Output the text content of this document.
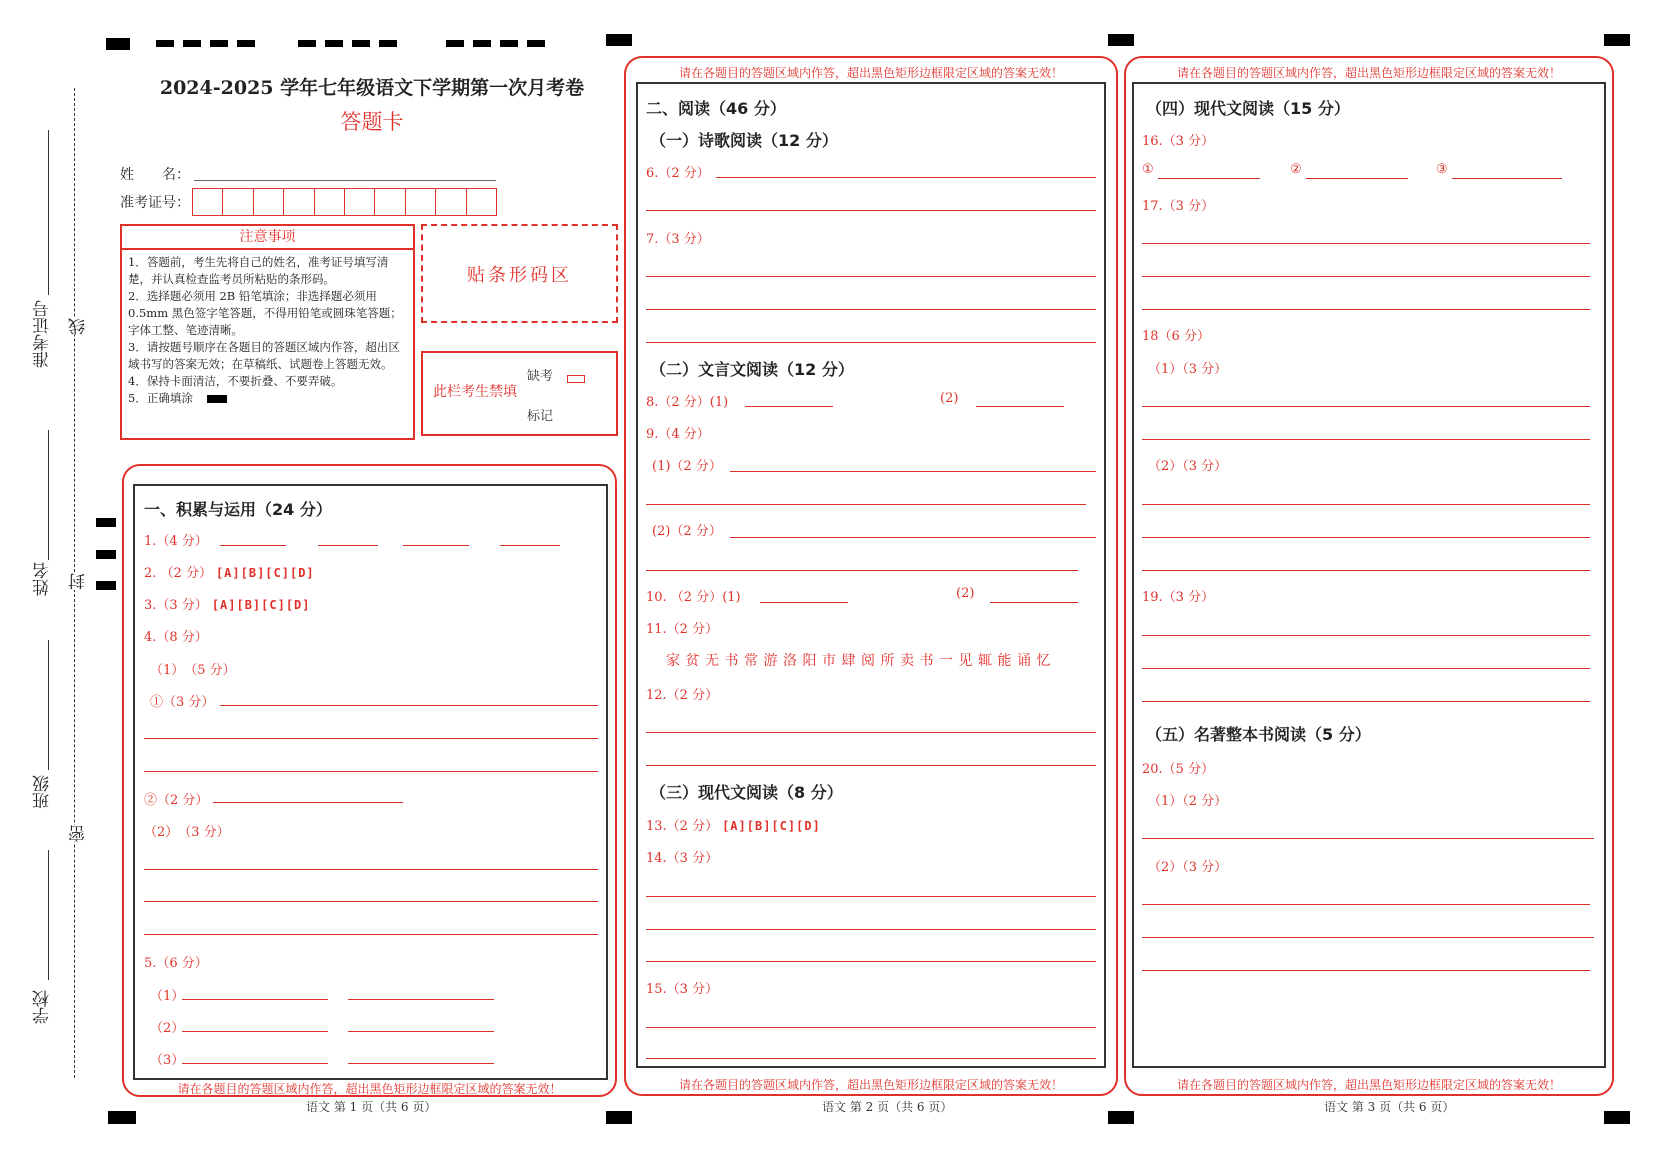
准考证号
姓名
班级
学校
线
封
密
2024-2025 学年七年级语文下学期第一次月考卷
答题卡
姓　　名：
准考证号：
注意事项
1．答题前，考生先将自己的姓名，准考证号填写清楚，并认真检查监考员所粘贴的条形码。
2．选择题必须用 2B 铅笔填涂；非选择题必须用 0.5mm 黑色签字笔答题，不得用铅笔或圆珠笔答题；字体工整、笔迹清晰。
3．请按题号顺序在各题目的答题区域内作答，超出区域书写的答案无效；在草稿纸、试题卷上答题无效。
4．保持卡面清洁，不要折叠、不要弄破。
5．正确填涂
贴条形码区
此栏考生禁填
缺考
标记
请在各题目的答题区域内作答，超出黑色矩形边框限定区域的答案无效！
语文 第 1 页（共 6 页）
一、积累与运用（24 分）
1.（4 分）
2. （2 分） [A][B][C][D]
3.（3 分） [A][B][C][D]
4.（8 分）
（1）　（5 分）
①（3 分）
②（2 分）
（2）　（3 分）
5.（6 分）
（1）
（2）
（3）
请在各题目的答题区域内作答，超出黑色矩形边框限定区域的答案无效！
请在各题目的答题区域内作答，超出黑色矩形边框限定区域的答案无效！
语文 第 2 页（共 6 页）
二、阅读（46 分）
（一）诗歌阅读（12 分）
6.（2 分）
7.（3 分）
（二）文言文阅读（12 分）
8.（2 分）(1)	(2)
9.（4 分）
(1)（2 分）
(2)（2 分）
10. （2 分）(1)	(2)
11.（2 分）
家贫无书常游洛阳市肆阅所卖书一见辄能诵忆
12.（2 分）
（三）现代文阅读（8 分）
13.（2 分） [A][B][C][D]
14.（3 分）
15.（3 分）
请在各题目的答题区域内作答，超出黑色矩形边框限定区域的答案无效！
请在各题目的答题区域内作答，超出黑色矩形边框限定区域的答案无效！
语文 第 3 页（共 6 页）
（四）现代文阅读（15 分）
16.（3 分）
①	②	③
17.（3 分）
18（6 分）
（1）（3 分）
（2）（3 分）
19.（3 分）
（五）名著整本书阅读（5 分）
20.（5 分）
（1）（2 分）
（2）（3 分）
